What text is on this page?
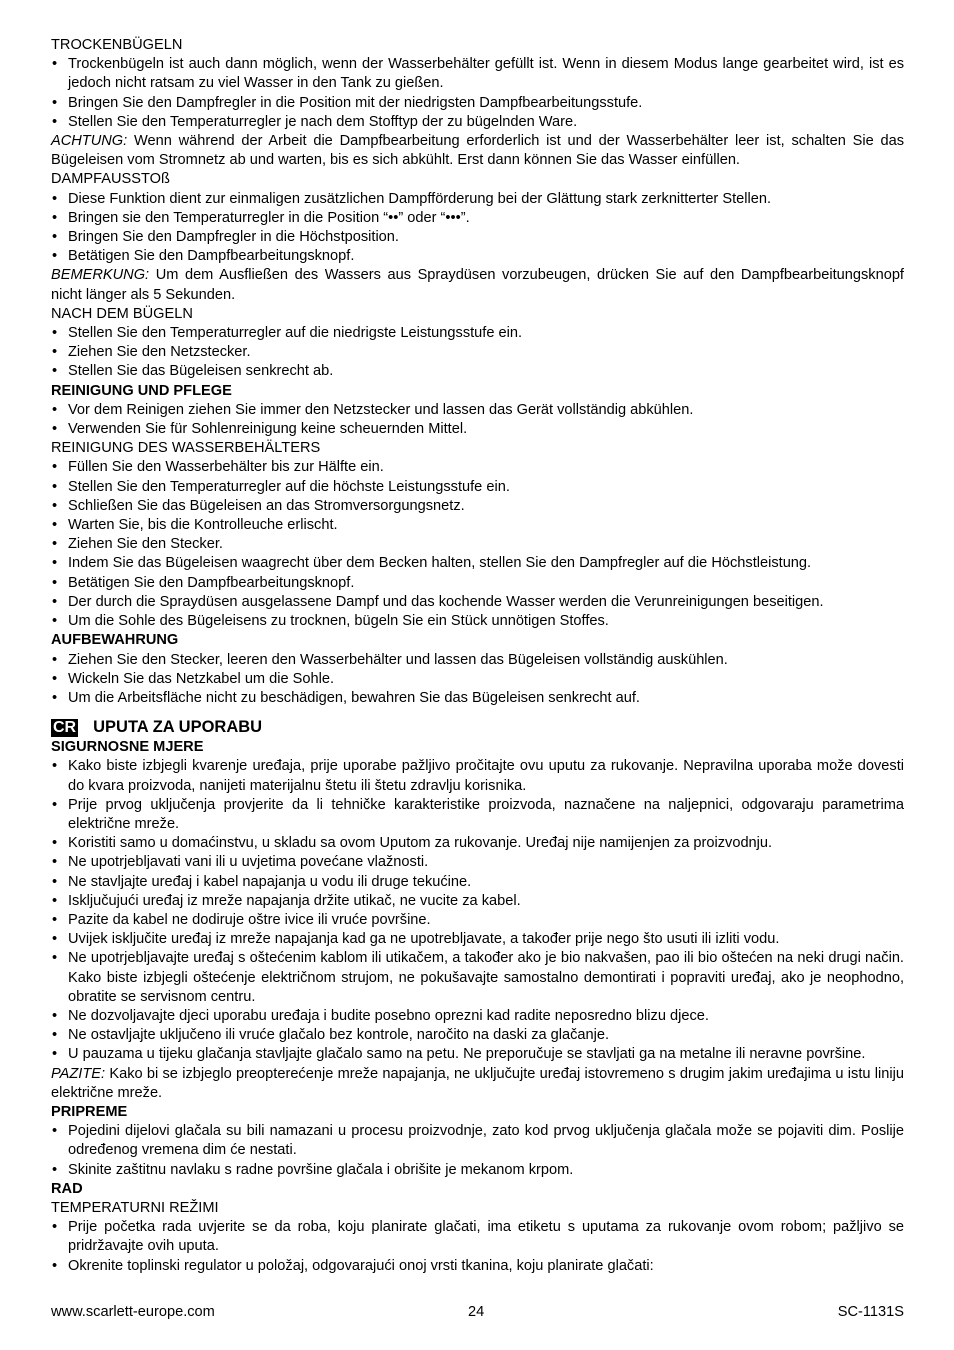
TROCKENBÜGELN
• Trockenbügeln ist auch dann möglich, wenn der Wasserbehälter gefüllt ist. Wenn in diesem Modus lange gearbeitet wird, ist es jedoch nicht ratsam zu viel Wasser in den Tank zu gießen.
• Bringen Sie den Dampfregler in die Position mit der niedrigsten Dampfbearbeitungsstufe.
• Stellen Sie den Temperaturregler je nach dem Stofftyp der zu bügelnden Ware.

ACHTUNG: Wenn während der Arbeit die Dampfbearbeitung erforderlich ist und der Wasserbehälter leer ist, schalten Sie das Bügeleisen vom Stromnetz ab und warten, bis es sich abkühlt. Erst dann können Sie das Wasser einfüllen.

DAMPFAUSSTOß
• Diese Funktion dient zur einmaligen zusätzlichen Dampfförderung bei der Glättung stark zerknitterter Stellen.
• Bringen sie den Temperaturregler in die Position “••” oder “•••”.
• Bringen Sie den Dampfregler in die Höchstposition.
• Betätigen Sie den Dampfbearbeitungsknopf.

BEMERKUNG: Um dem Ausfließen des Wassers aus Spraydüsen vorzubeugen, drücken Sie auf den Dampfbearbeitungsknopf nicht länger als 5 Sekunden.

NACH DEM BÜGELN
• Stellen Sie den Temperaturregler auf die niedrigste Leistungsstufe ein.
• Ziehen Sie den Netzstecker.
• Stellen Sie das Bügeleisen senkrecht ab.
REINIGUNG UND PFLEGE
• Vor dem Reinigen ziehen Sie immer den Netzstecker und lassen das Gerät vollständig abkühlen.
• Verwenden Sie für Sohlenreinigung keine scheuernden Mittel.
REINIGUNG DES WASSERBEHÄLTERS
• Füllen Sie den Wasserbehälter bis zur Hälfte ein.
• Stellen Sie den Temperaturregler auf die höchste Leistungsstufe ein.
• Schließen Sie das Bügeleisen an das Stromversorgungsnetz.
• Warten Sie, bis die Kontrolleuche erlischt.
• Ziehen Sie den Stecker.
• Indem Sie das Bügeleisen waagrecht über dem Becken halten, stellen Sie den Dampfregler auf die Höchstleistung.
• Betätigen Sie den Dampfbearbeitungsknopf.
• Der durch die Spraydüsen ausgelassene Dampf und das kochende Wasser werden die Verunreinigungen beseitigen.
• Um die Sohle des Bügeleisens zu trocknen, bügeln Sie ein Stück unnötigen Stoffes.
AUFBEWAHRUNG
• Ziehen Sie den Stecker, leeren den Wasserbehälter und lassen das Bügeleisen vollständig auskühlen.
• Wickeln Sie das Netzkabel um die Sohle.
• Um die Arbeitsfläche nicht zu beschädigen, bewahren Sie das Bügeleisen senkrecht auf.
CR UPUTA ZA UPORABU
SIGURNOSNE MJERE
• Kako biste izbjegli kvarenje uređaja, prije uporabe pažljivo pročitajte ovu uputu za rukovanje. Nepravilna uporaba može dovesti do kvara proizvoda, nanijeti materijalnu štetu ili štetu zdravlju korisnika.
• Prije prvog uključenja provjerite da li tehničke karakteristike proizvoda, naznačene na naljepnici, odgovaraju parametrima električne mreže.
• Koristiti samo u domaćinstvu, u skladu sa ovom Uputom za rukovanje. Uređaj nije namijenjen za proizvodnju.
• Ne upotrjebljavati vani ili u uvjetima povećane vlažnosti.
• Ne stavljajte uređaj i kabel napajanja u vodu ili druge tekućine.
• Isključujući uređaj iz mreže napajanja držite utikač, ne vucite za kabel.
• Pazite da kabel ne dodiruje oštre ivice ili vruće površine.
• Uvijek isključite uređaj iz mreže napajanja kad ga ne upotrebljavate, a također prije nego što usuti ili izliti vodu.
• Ne upotrjebljavajte uređaj s oštećenim kablom ili utikačem, a također ako je bio nakvašen, pao ili bio oštećen na neki drugi način. Kako biste izbjegli oštećenje električnom strujom, ne pokušavajte samostalno demontirati i popraviti uređaj, ako je neophodno, obratite se servisnom centru.
• Ne dozvoljavajte djeci uporabu uređaja i budite posebno oprezni kad radite neposredno blizu djece.
• Ne ostavljajte uključeno ili vruće glačalo bez kontrole, naročito na daski za glačanje.
• U pauzama u tijeku glačanja stavljajte glačalo samo na petu. Ne preporučuje se stavljati ga na metalne ili neravne površine.

PAZITE: Kako bi se izbjeglo preopterećenje mreže napajanja, ne uključujte uređaj istovremeno s drugim jakim uređajima u istu liniju električne mreže.

PRIPREME
• Pojedini dijelovi glačala su bili namazani u procesu proizvodnje, zato kod prvog uključenja glačala može se pojaviti dim. Poslije određenog vremena dim će nestati.
• Skinite zaštitnu navlaku s radne površine glačala i obrišite je mekanom krpom.
RAD
TEMPERATURNI REŽIMI
• Prije početka rada uvjerite se da roba, koju planirate glačati, ima etiketu s uputama za rukovanje ovom robom; pažljivo se pridržavajte ovih uputa.
• Okrenite toplinski regulator u položaj, odgovarajući onoj vrsti tkanina, koju planirate glačati:
www.scarlett-europe.com	24	SC-1131S
